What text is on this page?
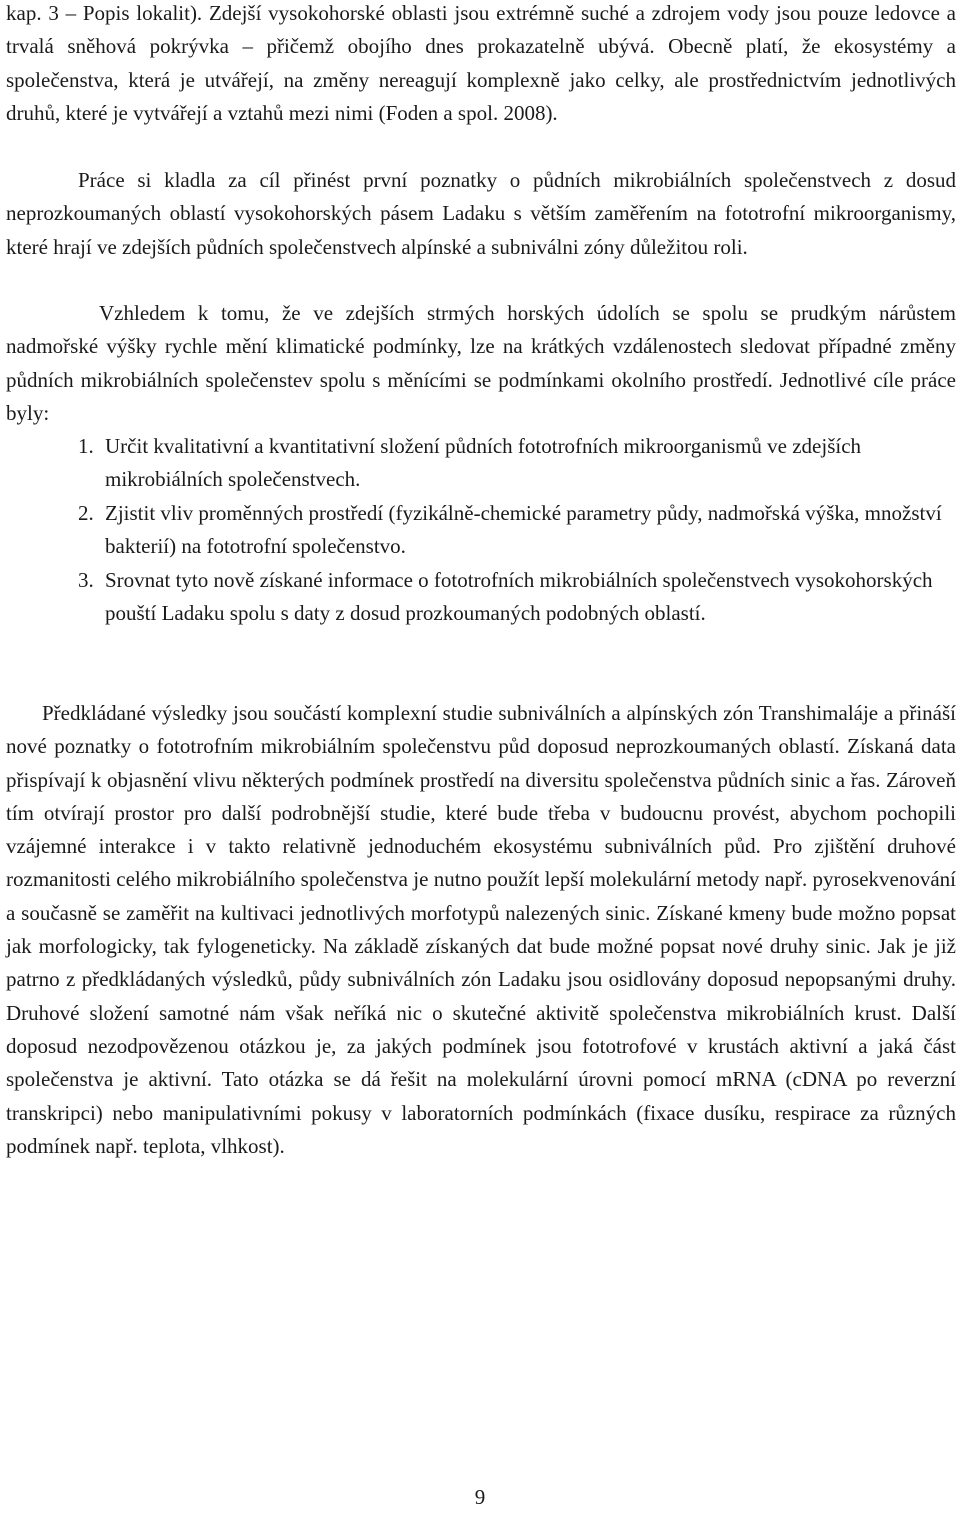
kap. 3 – Popis lokalit). Zdejší vysokohorské oblasti jsou extrémně suché a zdrojem vody jsou pouze ledovce a trvalá sněhová pokrývka – přičemž obojího dnes prokazatelně ubývá. Obecně platí, že ekosystémy a společenstva, která je utvářejí, na změny nereagují komplexně jako celky, ale prostřednictvím jednotlivých druhů, které je vytvářejí a vztahů mezi nimi (Foden a spol. 2008).

Práce si kladla za cíl přinést první poznatky o půdních mikrobiálních společenstvech z dosud neprozkoumaných oblastí vysokohorských pásem Ladaku s větším zaměřením na fototrofní mikroorganismy, které hrají ve zdejších půdních společenstvech alpínské a subniválni zóny důležitou roli.

Vzhledem k tomu, že ve zdejších strmých horských údolích se spolu se prudkým nárůstem nadmořské výšky rychle mění klimatické podmínky, lze na krátkých vzdálenostech sledovat případné změny půdních mikrobiálních společenstev spolu s měnícími se podmínkami okolního prostředí. Jednotlivé cíle práce byly:

1. Určit kvalitativní a kvantitativní složení půdních fototrofních mikroorganismů ve zdejších mikrobiálních společenstvech.
2. Zjistit vliv proměnných prostředí (fyzikálně-chemické parametry půdy, nadmořská výška, množství bakterií) na fototrofní společenstvo.
3. Srovnat tyto nově získané informace o fototrofních mikrobiálních společenstvech vysokohorských pouští Ladaku spolu s daty z dosud prozkoumaných podobných oblastí.

Předkládané výsledky jsou součástí komplexní studie subniválních a alpínských zón Transhimaláje a přináší nové poznatky o fototrofním mikrobiálním společenstvu půd doposud neprozkoumaných oblastí. Získaná data přispívají k objasnění vlivu některých podmínek prostředí na diversitu společenstva půdních sinic a řas. Zároveň tím otvírají prostor pro další podrobnější studie, které bude třeba v budoucnu provést, abychom pochopili vzájemné interakce i v takto relativně jednoduchém ekosystému subniválních půd. Pro zjištění druhové rozmanitosti celého mikrobiálního společenstva je nutno použít lepší molekulární metody např. pyrosekvenování a současně se zaměřit na kultivaci jednotlivých morfotypů nalezených sinic. Získané kmeny bude možno popsat jak morfologicky, tak fylogeneticky. Na základě získaných dat bude možné popsat nové druhy sinic. Jak je již patrno z předkládaných výsledků, půdy subniválních zón Ladaku jsou osidlovány doposud nepopsanými druhy. Druhové složení samotné nám však neříká nic o skutečné aktivitě společenstva mikrobiálních krust. Další doposud nezodpovězenou otázkou je, za jakých podmínek jsou fototrofové v krustách aktivní a jaká část společenstva je aktivní. Tato otázka se dá řešit na molekulární úrovni pomocí mRNA (cDNA po reverzní transkripci) nebo manipulativními pokusy v laboratorních podmínkách (fixace dusíku, respirace za různých podmínek např. teplota, vlhkost).

9
